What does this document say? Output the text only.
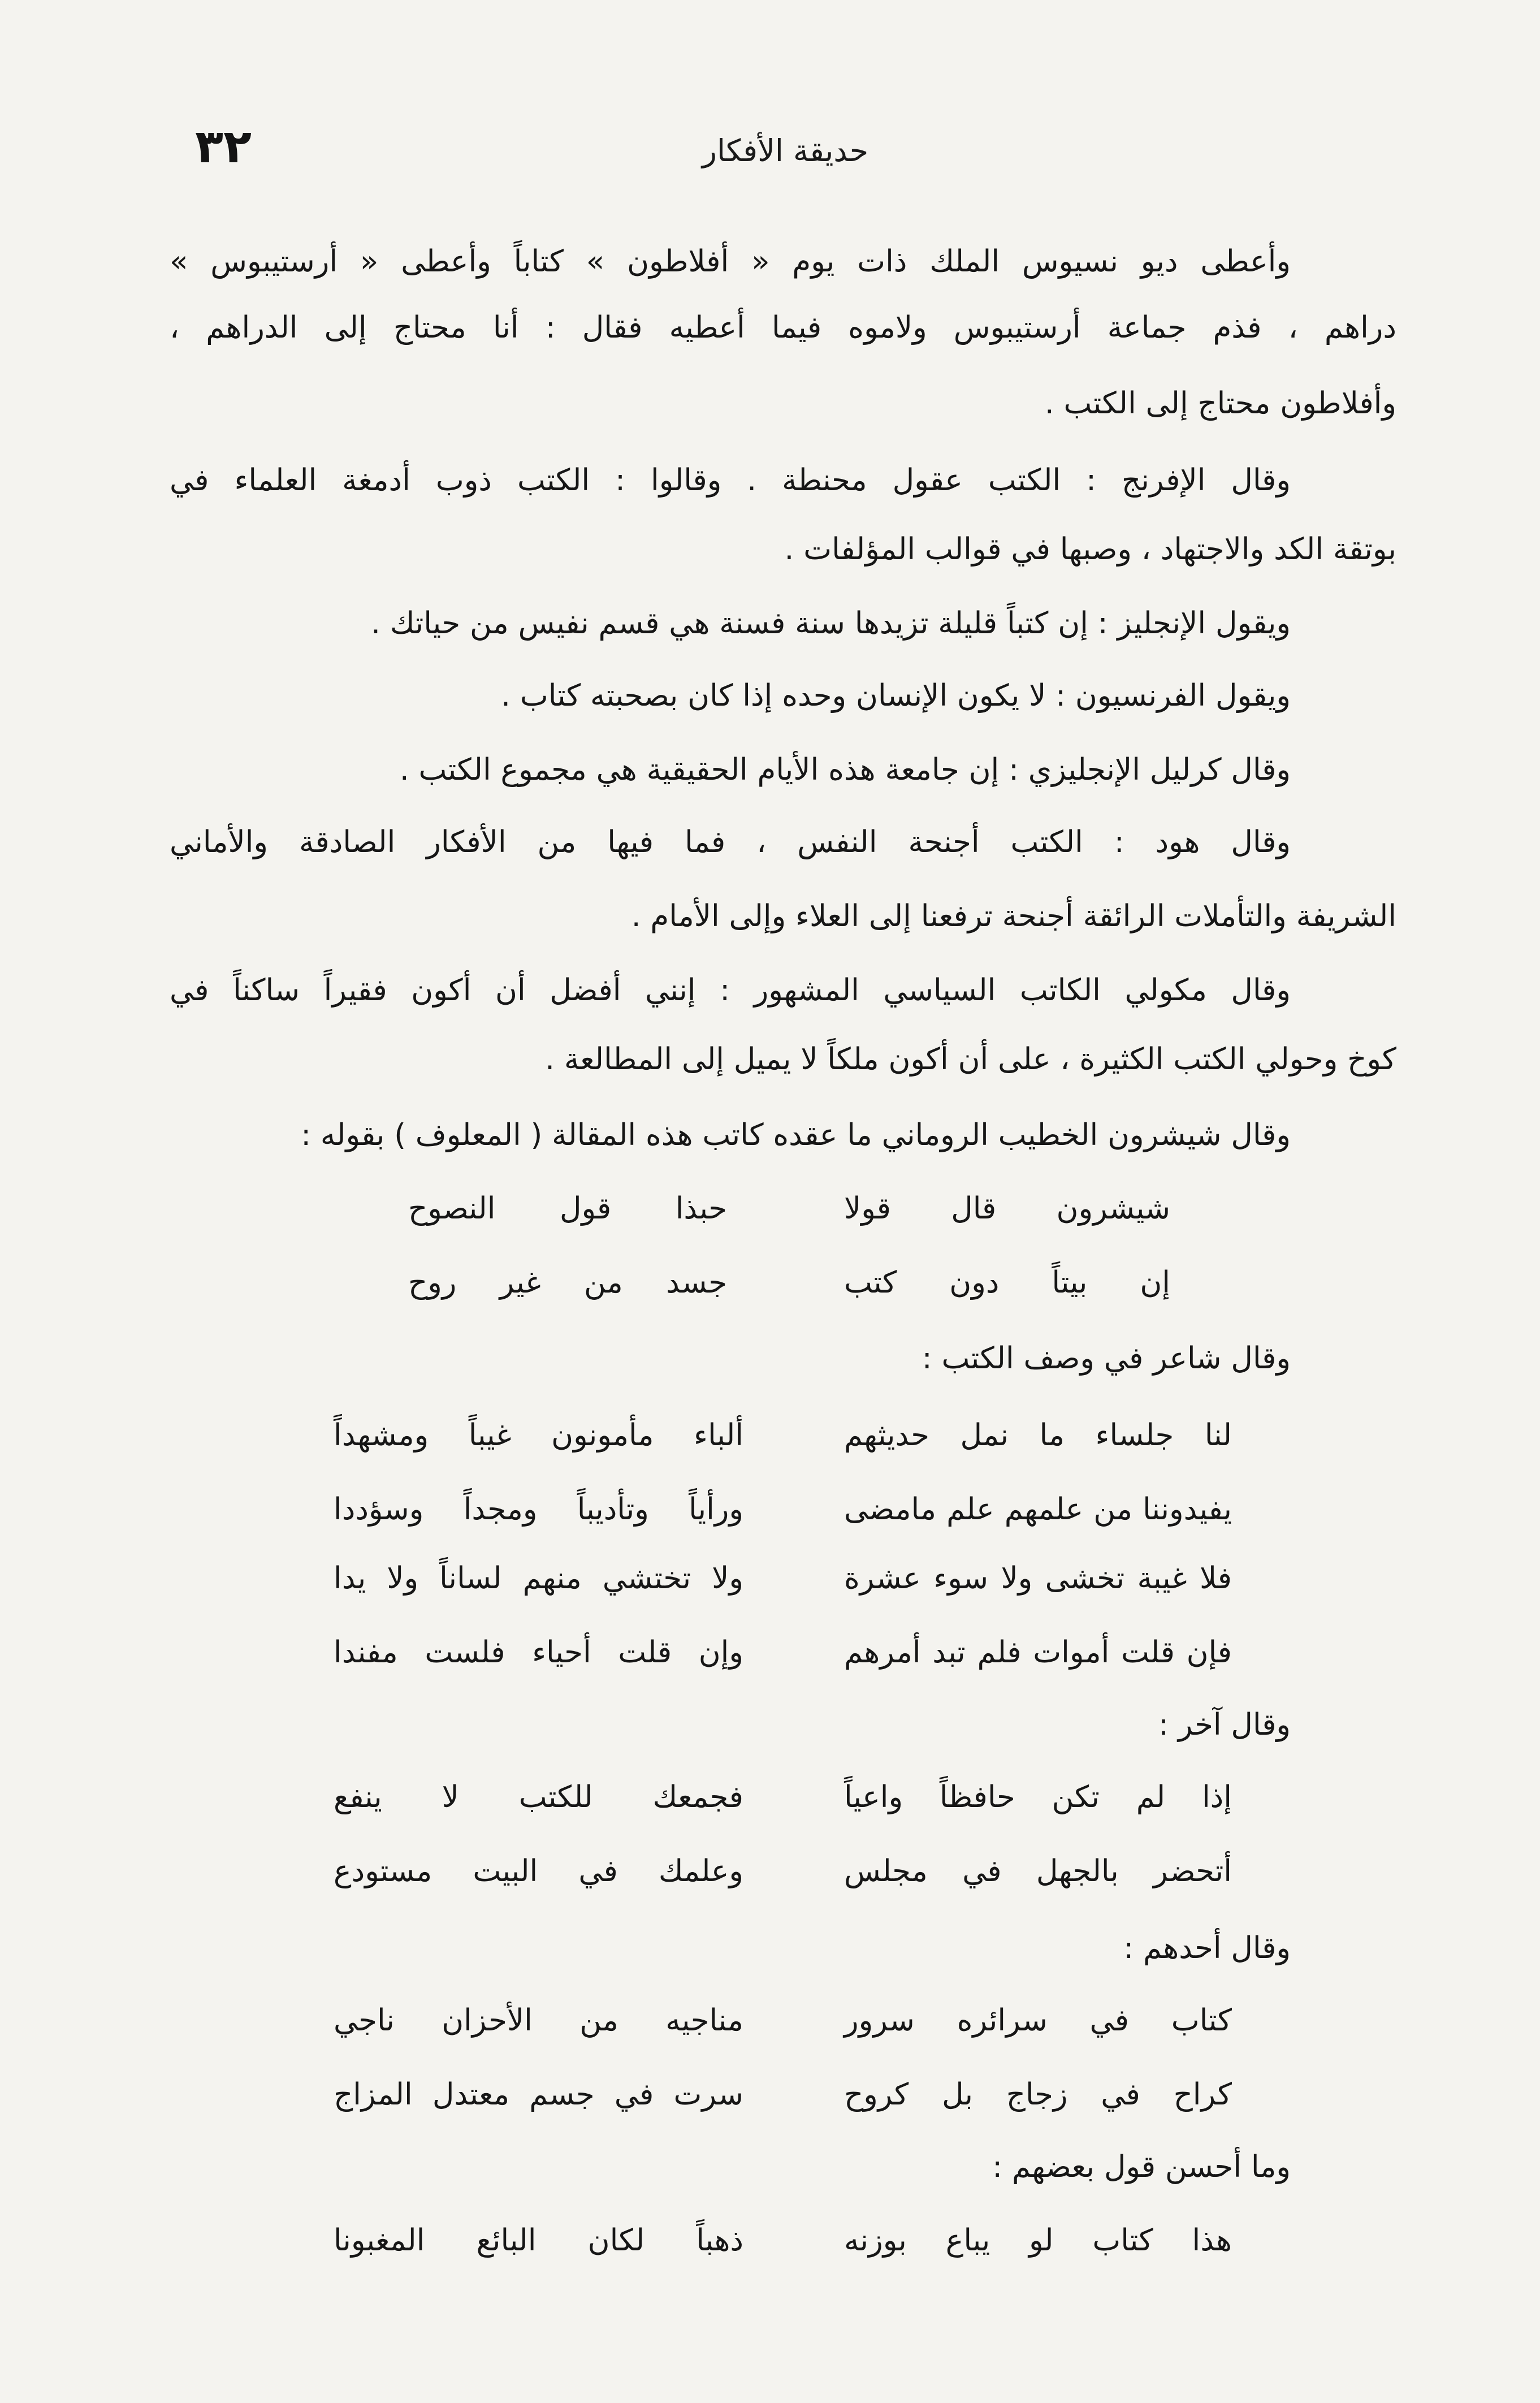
٣٢	حديقة الأفكار
وأعطى ديو نسيوس الملك ذات يوم « أفلاطون » كتاباً وأعطى « أرستيبوس »
دراهم ، فذم جماعة أرستيبوس ولاموه فيما أعطيه فقال : أنا محتاج إلى الدراهم ،
وأفلاطون محتاج إلى الكتب .
وقال الإفرنج : الكتب عقول محنطة . وقالوا : الكتب ذوب أدمغة العلماء في
بوتقة الكد والاجتهاد ، وصبها في قوالب المؤلفات .
ويقول الإنجليز : إن كتباً قليلة تزيدها سنة فسنة هي قسم نفيس من حياتك .
ويقول الفرنسيون : لا يكون الإنسان وحده إذا كان بصحبته كتاب .
وقال كرليل الإنجليزي : إن جامعة هذه الأيام الحقيقية هي مجموع الكتب .
وقال هود : الكتب أجنحة النفس ، فما فيها من الأفكار الصادقة والأماني
الشريفة والتأملات الرائقة أجنحة ترفعنا إلى العلاء وإلى الأمام .
وقال مكولي الكاتب السياسي المشهور : إنني أفضل أن أكون فقيراً ساكناً في
كوخ وحولي الكتب الكثيرة ، على أن أكون ملكاً لا يميل إلى المطالعة .
وقال شيشرون الخطيب الروماني ما عقده كاتب هذه المقالة ( المعلوف ) بقوله :
شيشرون قال قولا
حبذا قول النصوح
إن بيتاً دون كتب
جسد من غير روح
وقال شاعر في وصف الكتب :
لنا جلساء ما نمل حديثهم
ألباء مأمونون غيباً ومشهداً
يفيدوننا من علمهم علم مامضى
ورأياً وتأديباً ومجداً وسؤددا
فلا غيبة تخشى ولا سوء عشرة
ولا تختشي منهم لساناً ولا يدا
فإن قلت أموات فلم تبد أمرهم
وإن قلت أحياء فلست مفندا
وقال آخر :
إذا لم تكن حافظاً واعياً
فجمعك للكتب لا ينفع
أتحضر بالجهل في مجلس
وعلمك في البيت مستودع
وقال أحدهم :
كتاب في سرائره سرور
مناجيه من الأحزان ناجي
كراح في زجاج بل كروح
سرت في جسم معتدل المزاج
وما أحسن قول بعضهم :
هذا كتاب لو يباع بوزنه
ذهباً لكان البائع المغبونا
